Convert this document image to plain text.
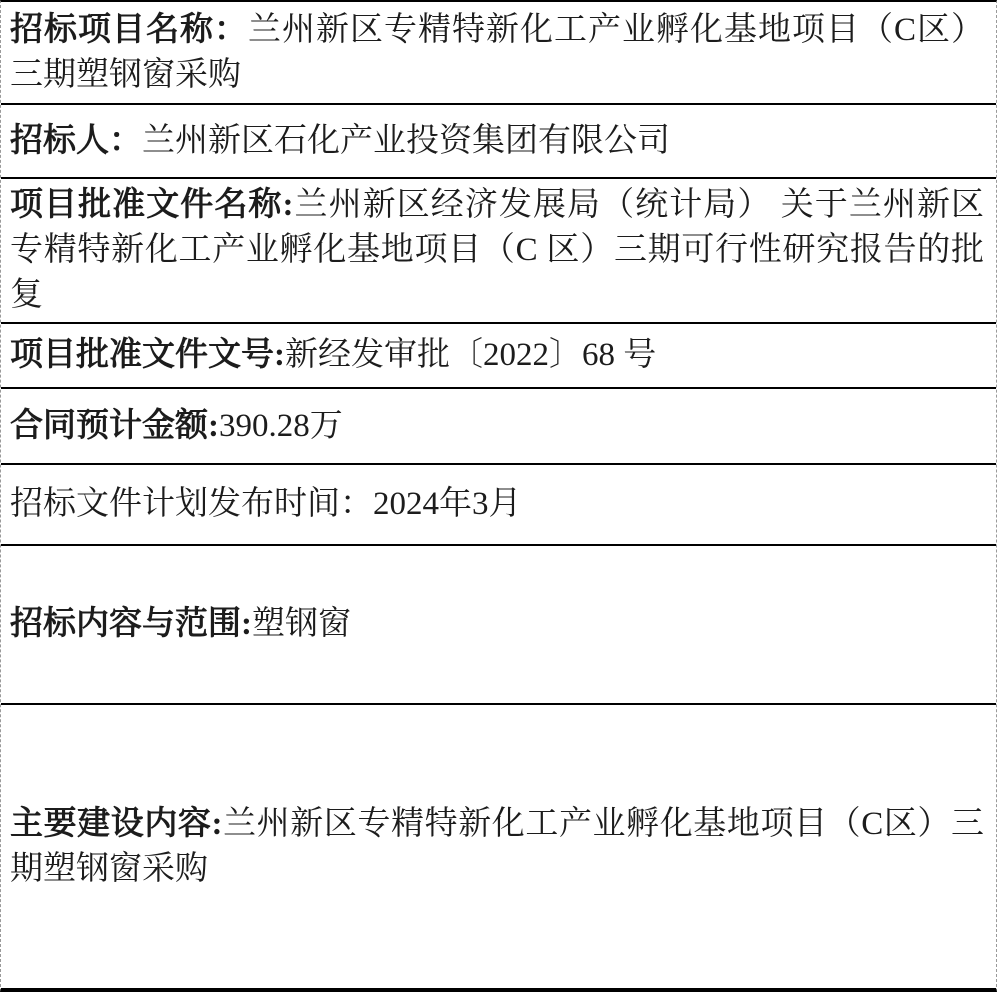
招标项目名称：兰州新区专精特新化工产业孵化基地项目（C区）三期塑钢窗采购

招标人：兰州新区石化产业投资集团有限公司

项目批准文件名称:兰州新区经济发展局（统计局） 关于兰州新区专精特新化工产业孵化基地项目（C 区）三期可行性研究报告的批复

项目批准文件文号:新经发审批〔2022〕68 号

合同预计金额:390.28万

招标文件计划发布时间：2024年3月

招标内容与范围:塑钢窗

主要建设内容:兰州新区专精特新化工产业孵化基地项目（C区）三期塑钢窗采购
